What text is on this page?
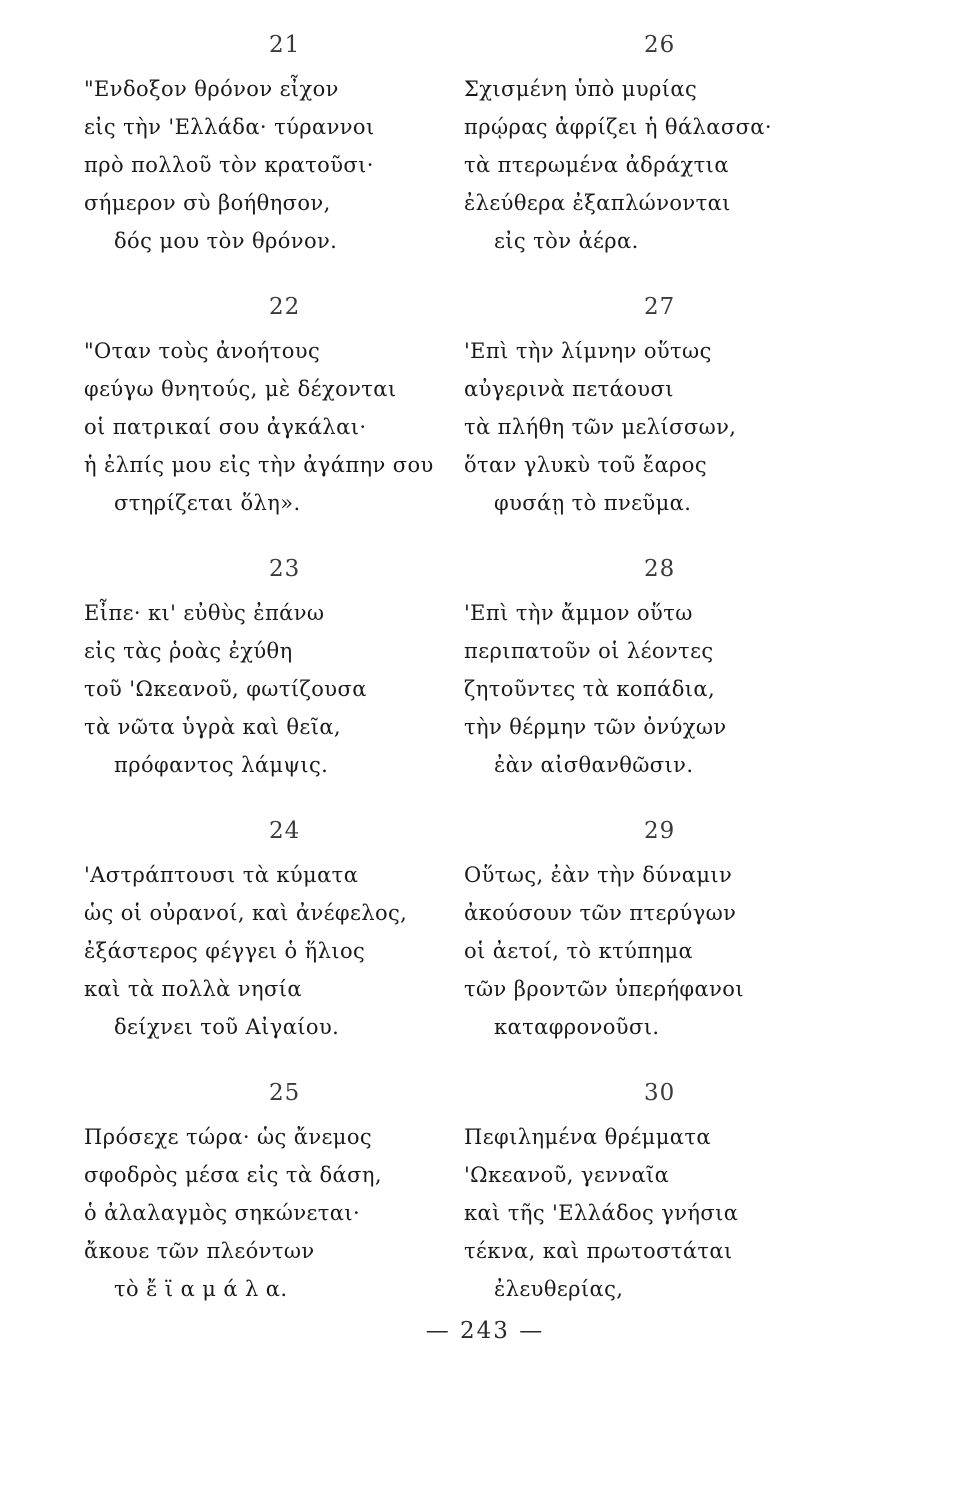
21
"Ενδοξον θρόνον εἶχον
εἰς τὴν 'Ελλάδα· τύραννοι
πρὸ πολλοῦ τὸν κρατοῦσι·
σήμερον σὺ βοήθησον,
δός μου τὸν θρόνον.
22
"Οταν τοὺς ἀνοήτους
φεύγω θνητούς, μὲ δέχονται
οἱ πατρικαί σου ἀγκάλαι·
ἡ ἐλπίς μου εἰς τὴν ἀγάπην σου
στηρίζεται ὅλη».
23
Εἶπε· κι' εὐθὺς ἐπάνω
εἰς τὰς ῥοὰς ἐχύθη
τοῦ 'Ωκεανοῦ, φωτίζουσα
τὰ νῶτα ὑγρὰ καὶ θεῖα,
πρόφαντος λάμψις.
24
'Αστράπτουσι τὰ κύματα
ὡς οἱ οὐρανοί, καὶ ἀνέφελος,
ἐξάστερος φέγγει ὁ ἥλιος
καὶ τὰ πολλὰ νησία
δείχνει τοῦ Αἰγαίου.
25
Πρόσεχε τώρα· ὡς ἄνεμος
σφοδρὸς μέσα εἰς τὰ δάση,
ὁ ἀλαλαγμὸς σηκώνεται·
ἄκουε τῶν πλεόντων
τὸ ἔ ϊ α μ ά λ α.
26
Σχισμένη ὑπὸ μυρίας
πρῴρας ἀφρίζει ἡ θάλασσα·
τὰ πτερωμένα ἀδράχτια
ἐλεύθερα ἐξαπλώνονται
εἰς τὸν ἀέρα.
27
'Επὶ τὴν λίμνην οὕτως
αὐγερινὰ πετάουσι
τὰ πλήθη τῶν μελίσσων,
ὅταν γλυκὺ τοῦ ἔαρος
φυσάῃ τὸ πνεῦμα.
28
'Επὶ τὴν ἄμμον οὕτω
περιπατοῦν οἱ λέοντες
ζητοῦντες τὰ κοπάδια,
τὴν θέρμην τῶν ὀνύχων
ἐὰν αἰσθανθῶσιν.
29
Οὕτως, ἐὰν τὴν δύναμιν
ἀκούσουν τῶν πτερύγων
οἱ ἀετοί, τὸ κτύπημα
τῶν βροντῶν ὑπερήφανοι
καταφρονοῦσι.
30
Πεφιλημένα θρέμματα
'Ωκεανοῦ, γενναῖα
καὶ τῆς 'Ελλάδος γνήσια
τέκνα, καὶ πρωτοστάται
ἐλευθερίας,
— 243 —
